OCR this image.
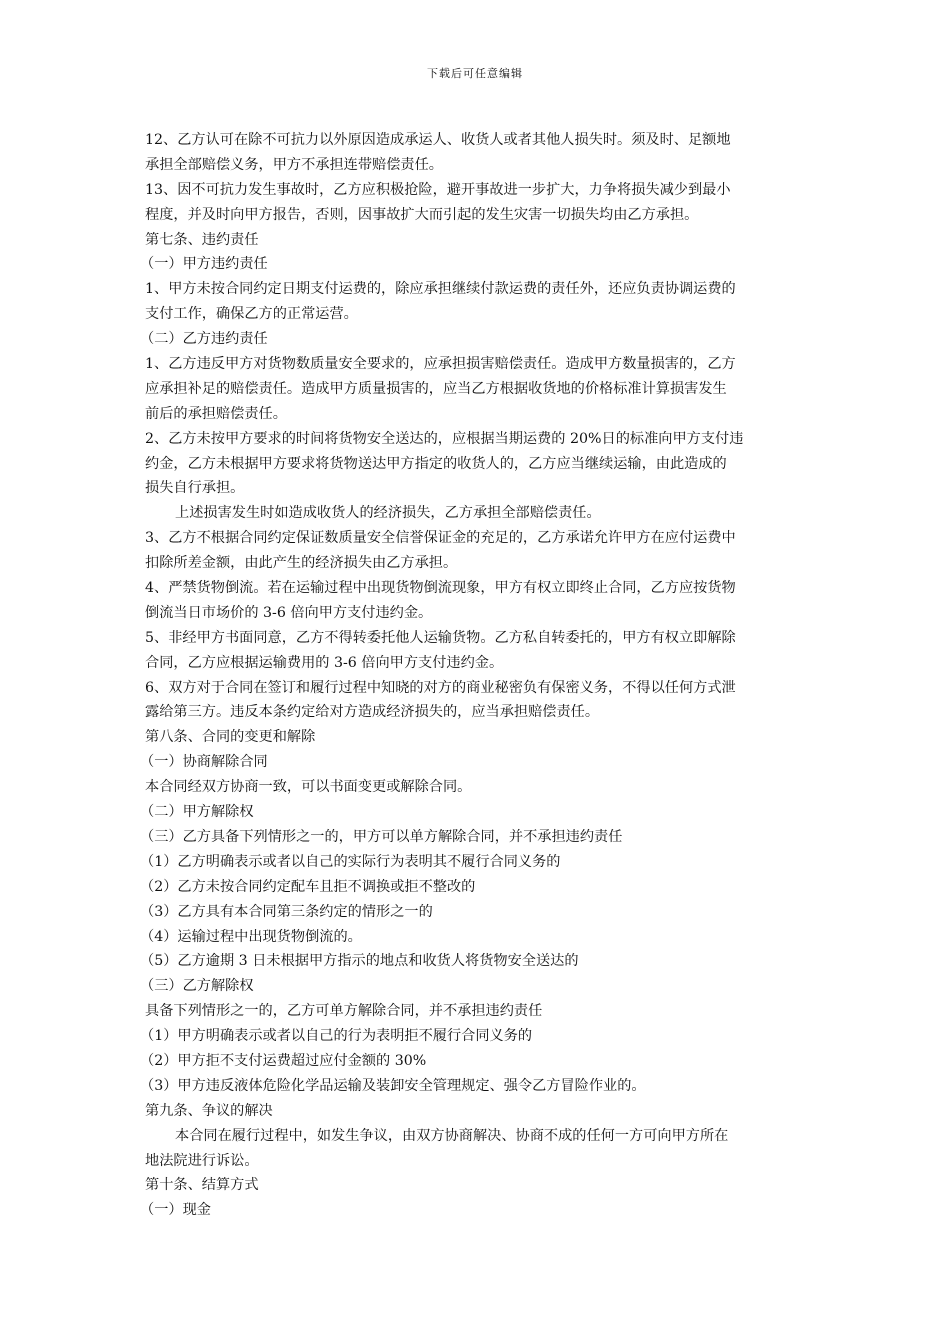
下载后可任意编辑
12、乙方认可在除不可抗力以外原因造成承运人、收货人或者其他人损失时。须及时、足额地
承担全部赔偿义务，甲方不承担连带赔偿责任。
13、因不可抗力发生事故时，乙方应积极抢险，避开事故进一步扩大，力争将损失减少到最小
程度，并及时向甲方报告，否则，因事故扩大而引起的发生灾害一切损失均由乙方承担。
第七条、违约责任
（一）甲方违约责任
1、甲方未按合同约定日期支付运费的，除应承担继续付款运费的责任外，还应负责协调运费的
支付工作，确保乙方的正常运营。
（二）乙方违约责任
1、乙方违反甲方对货物数质量安全要求的，应承担损害赔偿责任。造成甲方数量损害的，乙方
应承担补足的赔偿责任。造成甲方质量损害的，应当乙方根据收货地的价格标准计算损害发生
前后的承担赔偿责任。
2、乙方未按甲方要求的时间将货物安全送达的，应根据当期运费的 20%日的标准向甲方支付违
约金，乙方未根据甲方要求将货物送达甲方指定的收货人的，乙方应当继续运输，由此造成的
损失自行承担。
上述损害发生时如造成收货人的经济损失，乙方承担全部赔偿责任。
3、乙方不根据合同约定保证数质量安全信誉保证金的充足的，乙方承诺允许甲方在应付运费中
扣除所差金额，由此产生的经济损失由乙方承担。
4、严禁货物倒流。若在运输过程中出现货物倒流现象，甲方有权立即终止合同，乙方应按货物
倒流当日市场价的 3-6 倍向甲方支付违约金。
5、非经甲方书面同意，乙方不得转委托他人运输货物。乙方私自转委托的，甲方有权立即解除
合同，乙方应根据运输费用的 3-6 倍向甲方支付违约金。
6、双方对于合同在签订和履行过程中知晓的对方的商业秘密负有保密义务，不得以任何方式泄
露给第三方。违反本条约定给对方造成经济损失的，应当承担赔偿责任。
第八条、合同的变更和解除
（一）协商解除合同
本合同经双方协商一致，可以书面变更或解除合同。
（二）甲方解除权
（三）乙方具备下列情形之一的，甲方可以单方解除合同，并不承担违约责任
（1）乙方明确表示或者以自己的实际行为表明其不履行合同义务的
（2）乙方未按合同约定配车且拒不调换或拒不整改的
（3）乙方具有本合同第三条约定的情形之一的
（4）运输过程中出现货物倒流的。
（5）乙方逾期 3 日未根据甲方指示的地点和收货人将货物安全送达的
（三）乙方解除权
具备下列情形之一的，乙方可单方解除合同，并不承担违约责任
（1）甲方明确表示或者以自己的行为表明拒不履行合同义务的
（2）甲方拒不支付运费超过应付金额的 30%
（3）甲方违反液体危险化学品运输及装卸安全管理规定、强令乙方冒险作业的。
第九条、争议的解决
本合同在履行过程中，如发生争议，由双方协商解决、协商不成的任何一方可向甲方所在
地法院进行诉讼。
第十条、结算方式
（一）现金
